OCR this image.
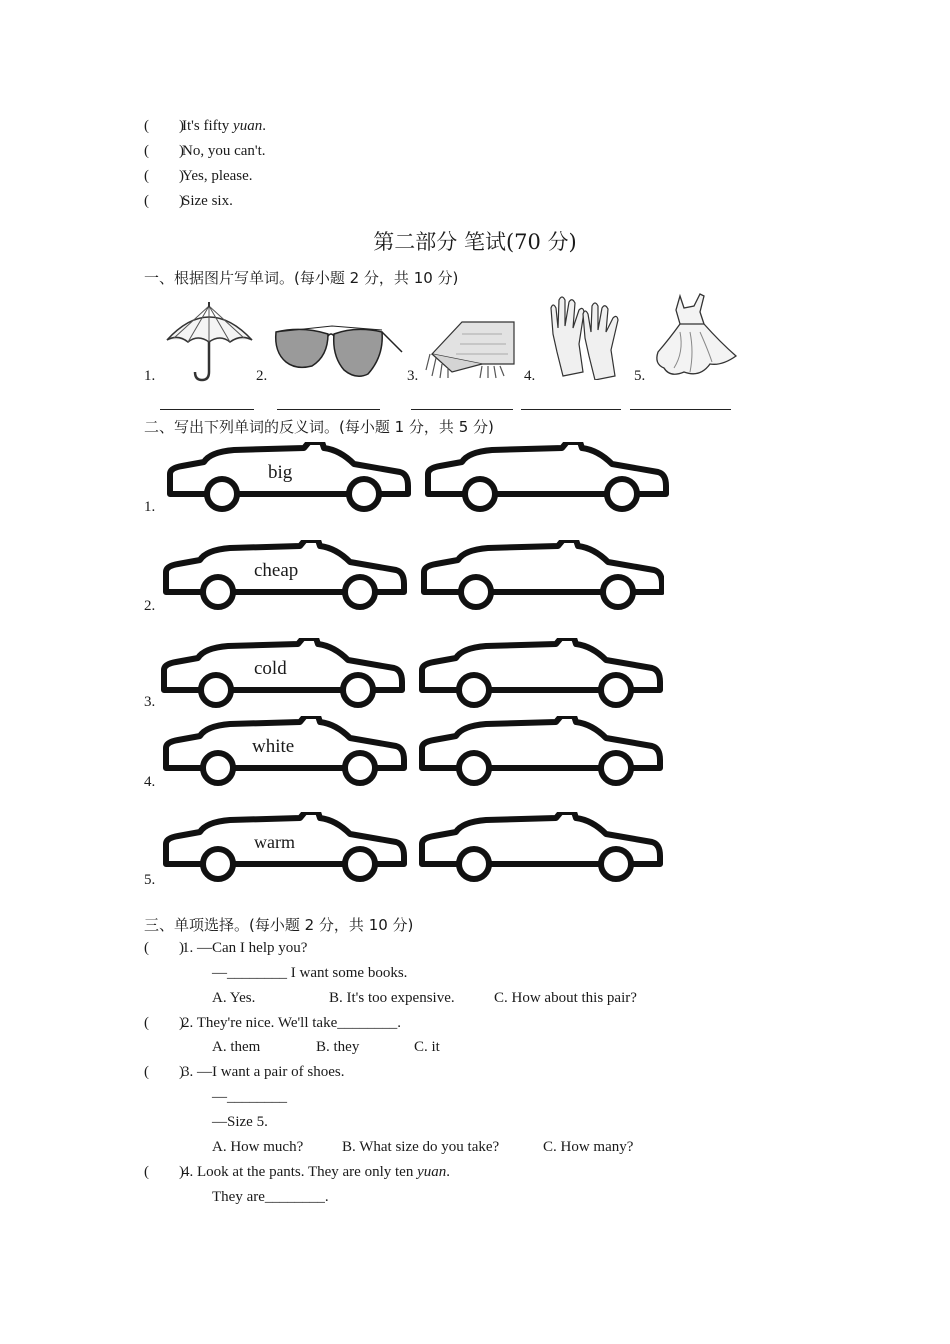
(        )
It's fifty yuan.
(        )
No, you can't.
(        )
Yes, please.
(        )
Size six.
第二部分 笔试(70 分)
一、根据图片写单词。(每小题 2 分，共 10 分)
1.	2.	3.	4.	5.
二、写出下列单词的反义词。(每小题 1 分，共 5 分)
1.
big
2.
cheap
3.
cold
4.
white
5.
warm
三、单项选择。(每小题 2 分，共 10 分)
(        )
1. —Can I help you?
—________ I want some books.
A. Yes.	B. It's too expensive.	C. How about this pair?
(        )
2. They're nice. We'll take________.
A. them	B. they	C. it
(        )
3. —I want a pair of shoes.
—________
—Size 5.
A. How much?	B. What size do you take?	C. How many?
(        )
4. Look at the pants. They are only ten yuan.
They are________.
